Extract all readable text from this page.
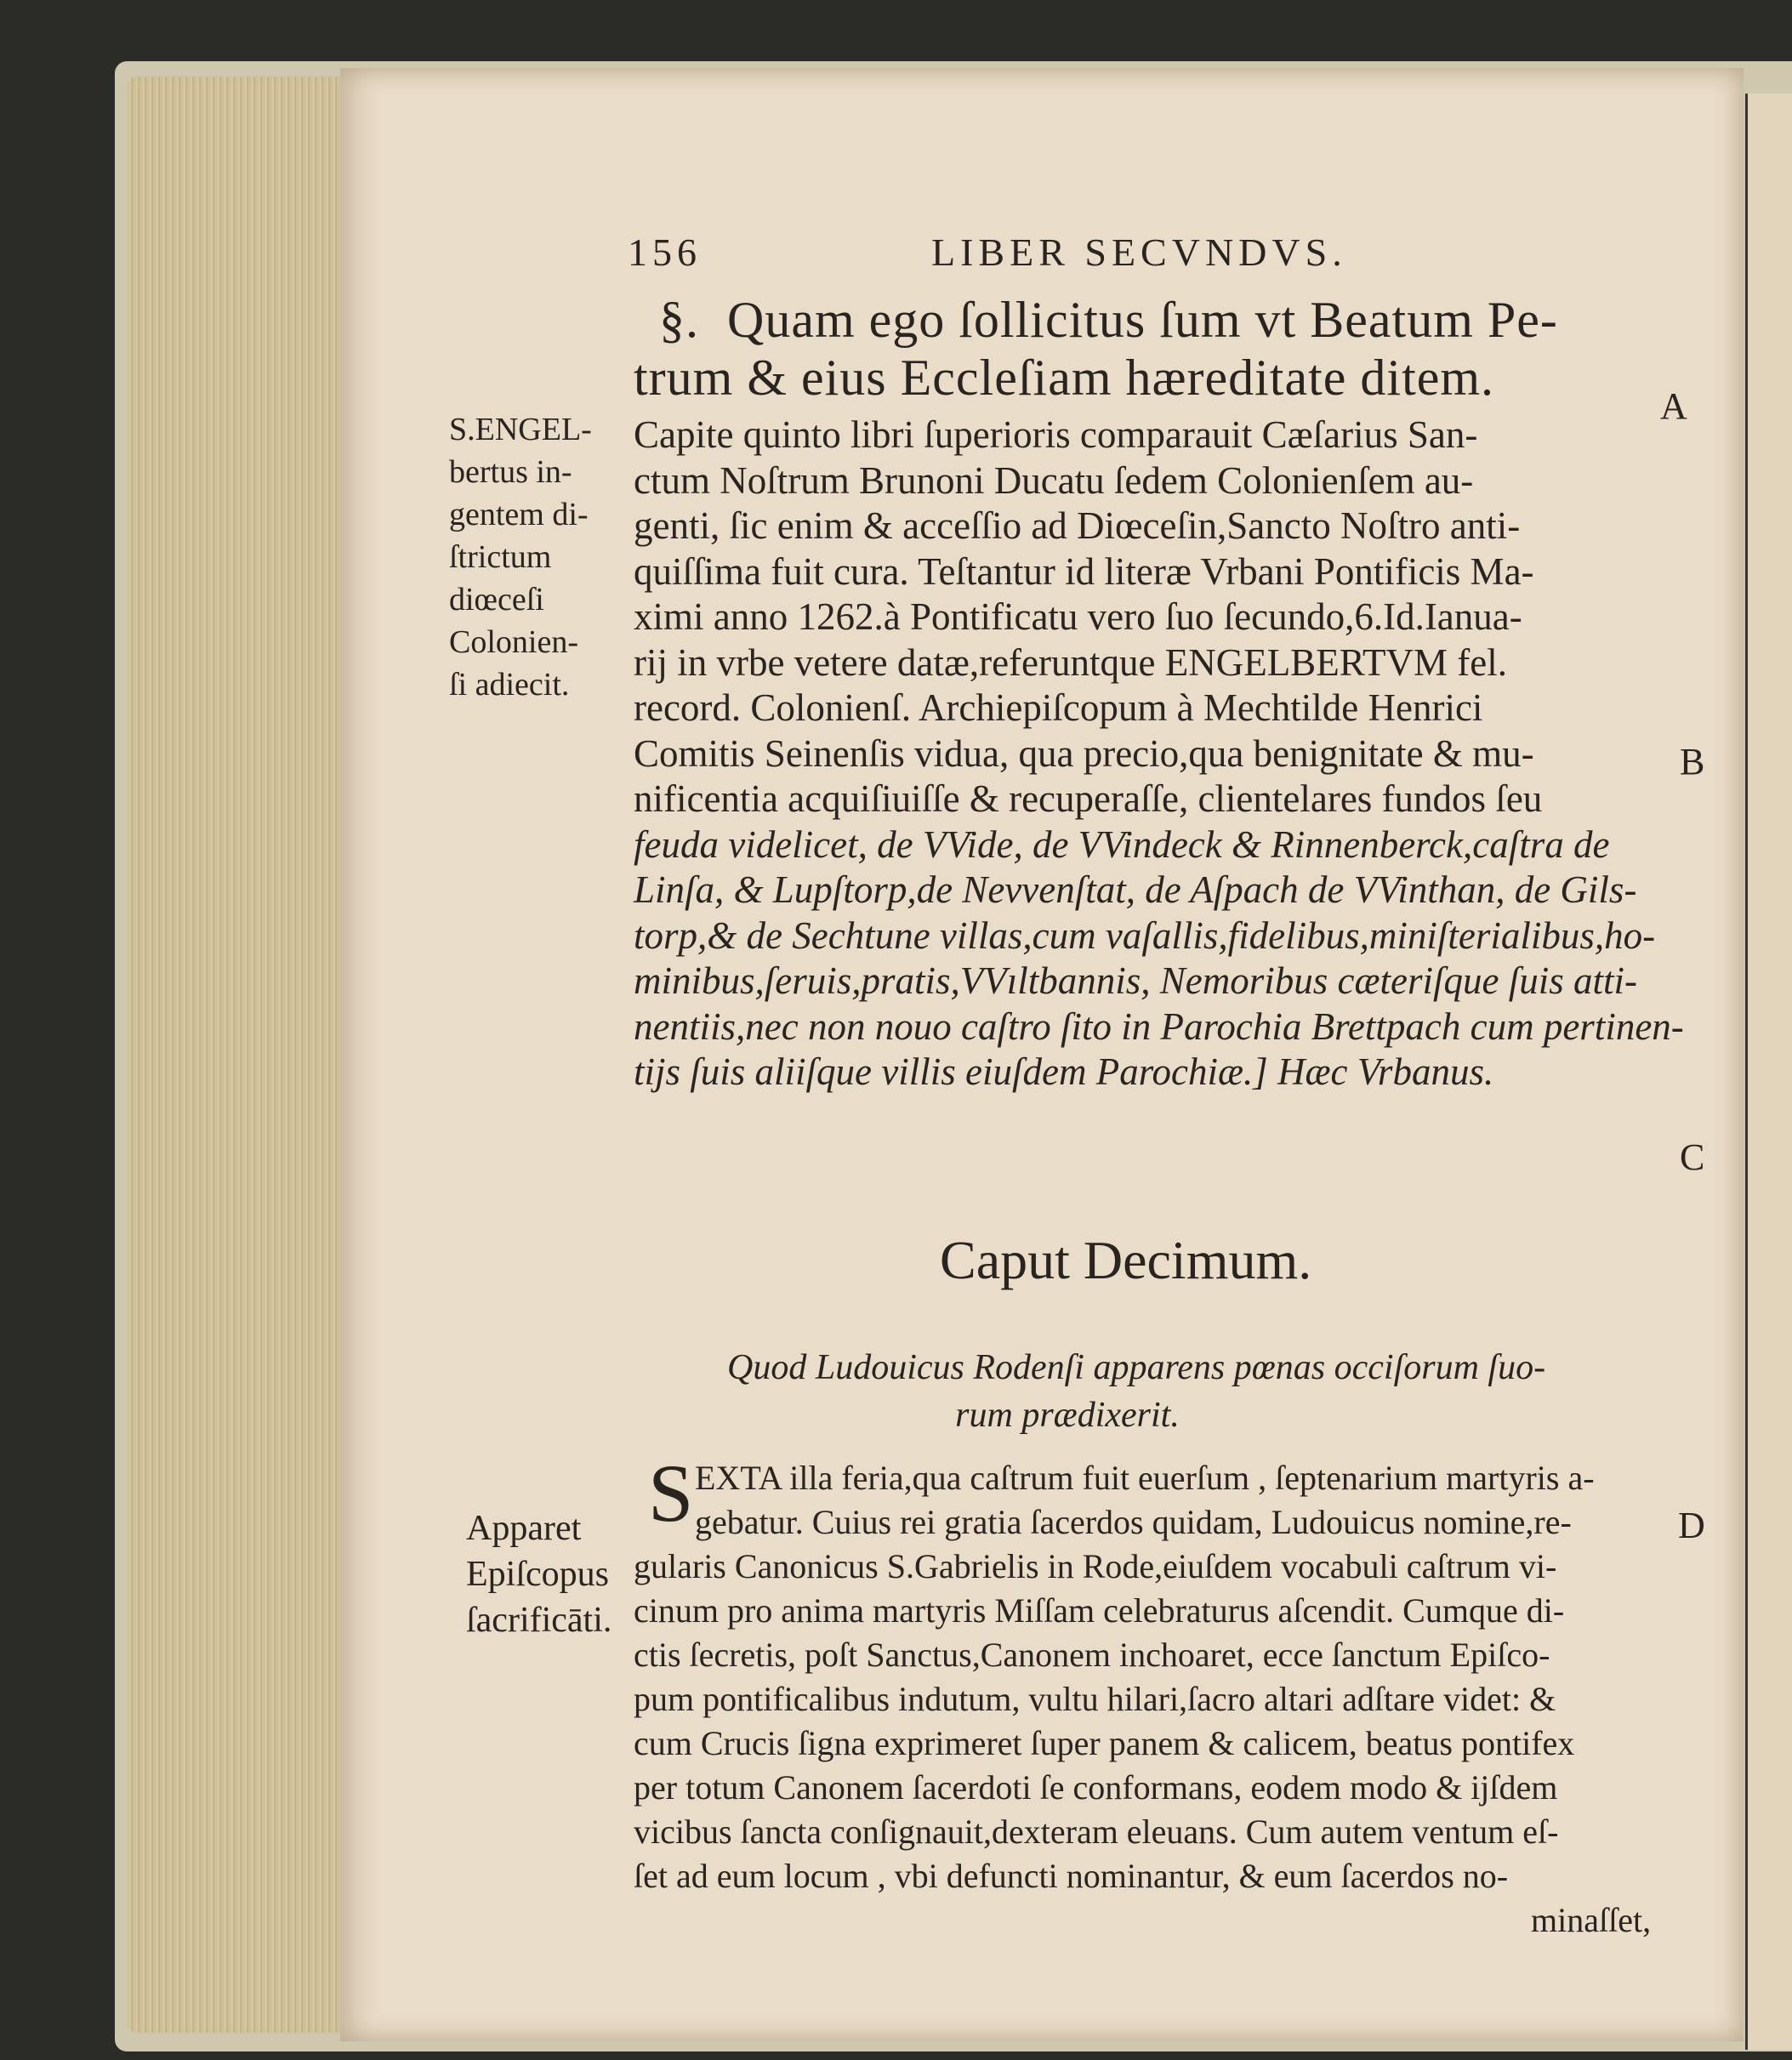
156	LIBER SECVNDVS.
§. Quam ego ſollicitus ſum vt Beatum Pe-
trum & eius Eccleſiam hæreditate ditem.
S.ENGEL-
bertus in-
gentem di-
ſtrictum
diœceſi
Colonien-
ſi adiecit.
Capite quinto libri ſuperioris comparauit Cæſarius San-
ctum Noſtrum Brunoni Ducatu ſedem Colonienſem au-
genti, ſic enim & acceſſio ad Diœceſin,Sancto Noſtro anti-
quiſſima fuit cura. Teſtantur id literæ Vrbani Pontificis Ma-
ximi anno 1262.à Pontificatu vero ſuo ſecundo,6.Id.Ianua-
rij in vrbe vetere datæ,referuntque ENGELBERTVM fel.
record. Colonienſ. Archiepiſcopum à Mechtilde Henrici
Comitis Seinenſis vidua, qua precio,qua benignitate & mu-
nificentia acquiſiuiſſe & recuperaſſe, clientelares fundos ſeu
feuda videlicet, de VVide, de VVindeck & Rinnenberck,caſtra de
Linſa, & Lupſtorp,de Nevvenſtat, de Aſpach de VVinthan, de Gils-
torp,& de Sechtune villas,cum vaſallis,fidelibus,miniſterialibus,ho-
minibus,ſeruis,pratis,VVıltbannis, Nemoribus cæteriſque ſuis atti-
nentiis,nec non nouo caſtro ſito in Parochia Brettpach cum pertinen-
tijs ſuis aliiſque villis eiuſdem Parochiæ.] Hæc Vrbanus.
A
B
C
D
Caput Decimum.
Quod Ludouicus Rodenſi apparens pœnas occiſorum ſuo-
rum prædixerit.
Apparet
Epiſcopus
ſacrificāti.
S EXTA illa feria,qua caſtrum fuit euerſum , ſeptenarium martyris a-
gebatur. Cuius rei gratia ſacerdos quidam, Ludouicus nomine,re-
gularis Canonicus S.Gabrielis in Rode,eiuſdem vocabuli caſtrum vi-
cinum pro anima martyris Miſſam celebraturus aſcendit. Cumque di-
ctis ſecretis, poſt Sanctus,Canonem inchoaret, ecce ſanctum Epiſco-
pum pontificalibus indutum, vultu hilari,ſacro altari adſtare videt: &
cum Crucis ſigna exprimeret ſuper panem & calicem, beatus pontifex
per totum Canonem ſacerdoti ſe conformans, eodem modo & ijſdem
vicibus ſancta conſignauit,dexteram eleuans. Cum autem ventum eſ-
ſet ad eum locum , vbi defuncti nominantur, & eum ſacerdos no-
minaſſet,
